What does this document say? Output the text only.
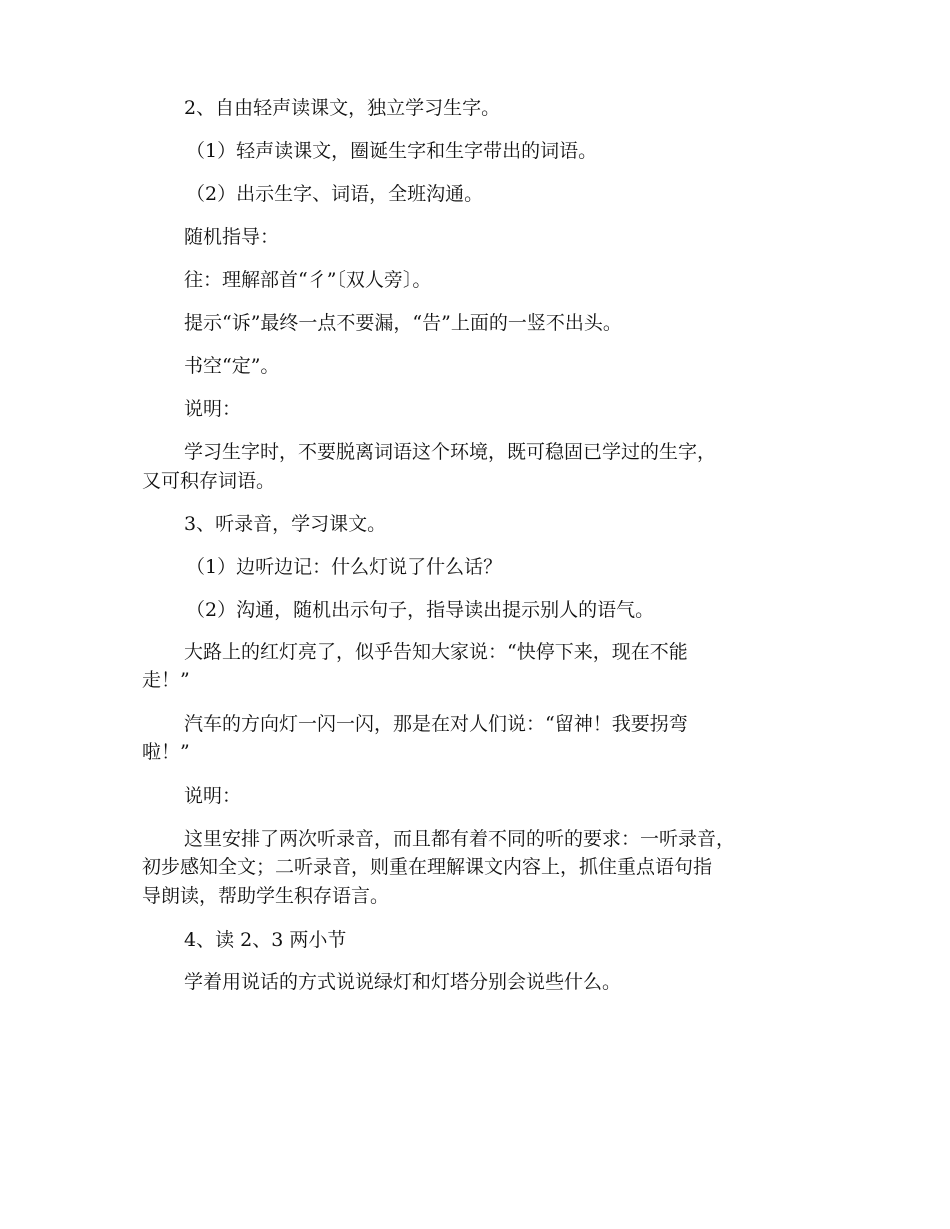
2、自由轻声读课文，独立学习生字。

（1）轻声读课文，圈诞生字和生字带出的词语。

（2）出示生字、词语，全班沟通。

随机指导：

往：理解部首“彳”〔双人旁〕。

提示“诉”最终一点不要漏，“告”上面的一竖不出头。

书空“定”。

说明：

学习生字时，不要脱离词语这个环境，既可稳固已学过的生字，

又可积存词语。

3、听录音，学习课文。

（1）边听边记：什么灯说了什么话？

（2）沟通，随机出示句子，指导读出提示别人的语气。

大路上的红灯亮了，似乎告知大家说：“快停下来，现在不能

走！”

汽车的方向灯一闪一闪，那是在对人们说：“留神！我要拐弯

啦！”

说明：

这里安排了两次听录音，而且都有着不同的听的要求：一听录音，

初步感知全文；二听录音，则重在理解课文内容上，抓住重点语句指

导朗读，帮助学生积存语言。

4、读 2、3 两小节

学着用说话的方式说说绿灯和灯塔分别会说些什么。
